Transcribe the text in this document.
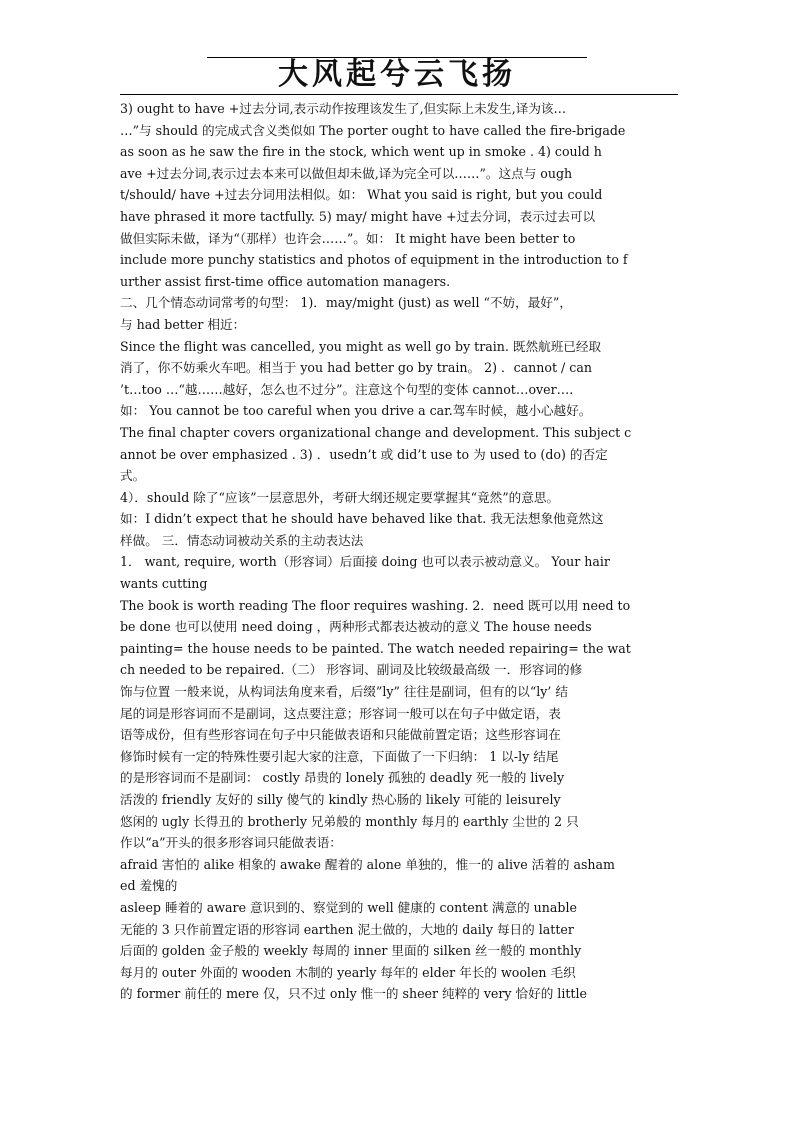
大风起兮云飞扬
3) ought to have +过去分词,表示动作按理该发生了,但实际上未发生,译为该…
…”与 should 的完成式含义类似如 The porter ought to have called the fire-brigade
as soon as he saw the fire in the stock, which went up in smoke . 4) could h
ave +过去分词,表示过去本来可以做但却未做,译为完全可以……”。这点与 ough
t/should/ have +过去分词用法相似。如： What you said is right, but you could
have phrased it more tactfully. 5) may/ might have +过去分词，表示过去可以
做但实际未做，译为“（那样）也许会……”。如： It might have been better to
include more punchy statistics and photos of equipment in the introduction to f
urther assist first-time office automation managers.
二、几个情态动词常考的句型： 1)．may/might (just) as well “不妨，最好”，
与 had better 相近：
Since the flight was cancelled, you might as well go by train. 既然航班已经取
消了，你不妨乘火车吧。相当于 you had better go by train。 2) ．cannot / can
’t…too …“越……越好，怎么也不过分”。注意这个句型的变体 cannot…over….
如： You cannot be too careful when you drive a car.驾车时候，越小心越好。
The final chapter covers organizational change and development. This subject c
annot be over emphasized . 3) ．usedn’t 或 did’t use to 为 used to (do) 的否定
式。
4）．should 除了“应该”一层意思外，考研大纲还规定要掌握其“竟然”的意思。
如：I didn’t expect that he should have behaved like that. 我无法想象他竟然这
样做。 三．情态动词被动关系的主动表达法
1． want, require, worth（形容词）后面接 doing 也可以表示被动意义。 Your hair
wants cutting
The book is worth reading The floor requires washing. 2．need 既可以用 need to
be done 也可以使用 need doing ，两种形式都表达被动的意义 The house needs
painting= the house needs to be painted. The watch needed repairing= the wat
ch needed to be repaired.（二） 形容词、副词及比较级最高级 一．形容词的修
饰与位置 一般来说，从构词法角度来看，后缀”ly” 往往是副词，但有的以“ly’ 结
尾的词是形容词而不是副词，这点要注意；形容词一般可以在句子中做定语，表
语等成份，但有些形容词在句子中只能做表语和只能做前置定语；这些形容词在
修饰时候有一定的特殊性要引起大家的注意，下面做了一下归纳： 1 以-ly 结尾
的是形容词而不是副词： costly 昂贵的 lonely 孤独的 deadly 死一般的 lively
活泼的 friendly 友好的 silly 傻气的 kindly 热心肠的 likely 可能的 leisurely
悠闲的 ugly 长得丑的 brotherly 兄弟般的 monthly 每月的 earthly 尘世的 2 只
作以“a”开头的很多形容词只能做表语：
afraid 害怕的 alike 相象的 awake 醒着的 alone 单独的，惟一的 alive 活着的 asham
ed 羞愧的
asleep 睡着的 aware 意识到的、察觉到的 well 健康的 content 满意的 unable
无能的 3 只作前置定语的形容词 earthen 泥土做的，大地的 daily 每日的 latter
后面的 golden 金子般的 weekly 每周的 inner 里面的 silken 丝一般的 monthly
每月的 outer 外面的 wooden 木制的 yearly 每年的 elder 年长的 woolen 毛织
的 former 前任的 mere 仅，只不过 only 惟一的 sheer 纯粹的 very 恰好的 little
